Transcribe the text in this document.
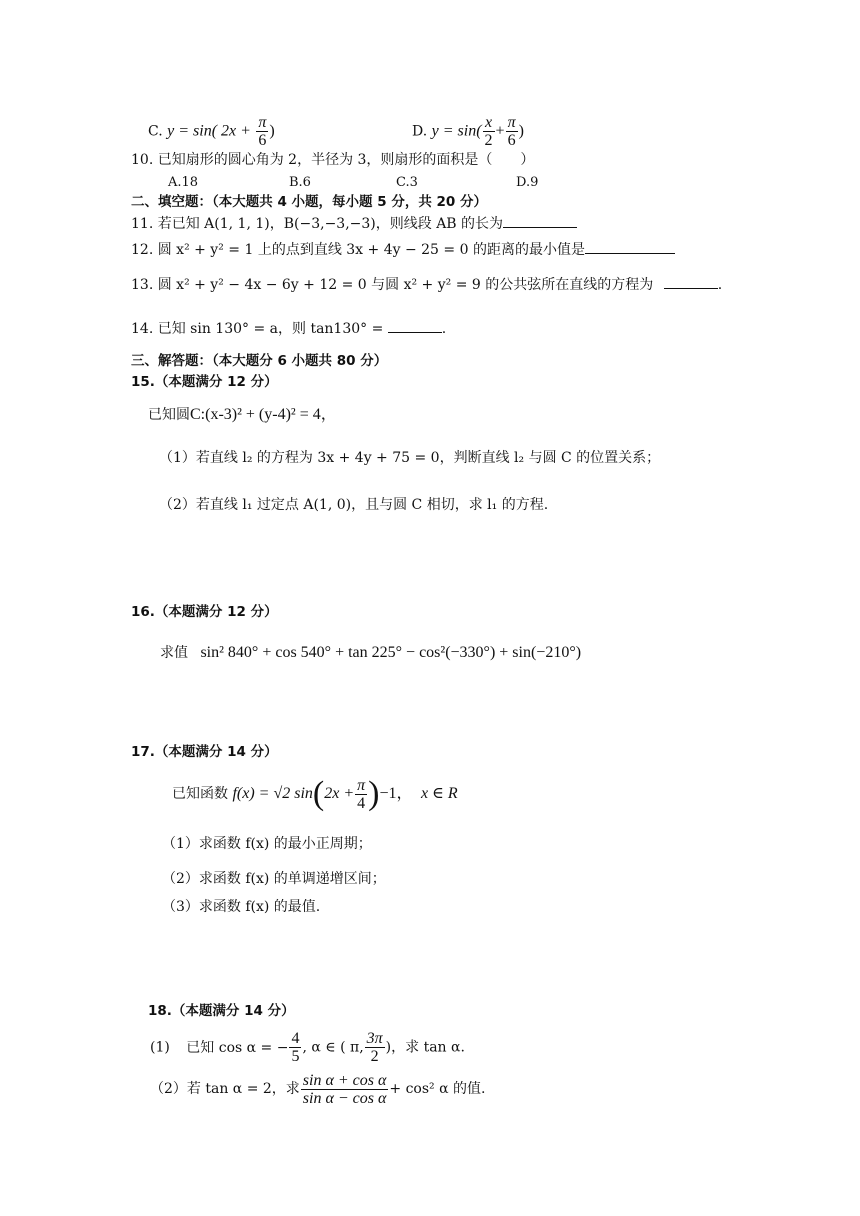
C. y = sin( $2x + \frac{\pi}{6}$ )	D. $y = \sin( \frac{x}{2} + \frac{\pi}{6}$ )
10. 已知扇形的圆心角为 2，半径为 3，则扇形的面积是（　　）
A.18	B.6	C.3	D.9
二、填空题：（本大题共 4 小题，每小题 5 分，共 20 分）
11. 若已知 A(1, 1, 1)，B(−3,−3,−3)，则线段 AB 的长为
12. 圆 x² + y² = 1 上的点到直线 3x + 4y − 25 = 0 的距离的最小值是
13. 圆 x² + y² − 4x − 6y + 12 = 0 与圆 x² + y² = 9 的公共弦所在直线的方程为	.
14. 已知 sin 130° = a，则 tan130° =	.
三、解答题：（本大题分 6 小题共 80 分）
15.（本题满分 12 分）
已知圆C:(x-3)² + (y-4)² = 4，
（1）若直线 l₂ 的方程为 3x + 4y + 75 = 0，判断直线 l₂ 与圆 C 的位置关系；
（2）若直线 l₁ 过定点 A(1, 0)，且与圆 C 相切，求 l₁ 的方程.
16.（本题满分 12 分）
求值 sin² 840° + cos 540° + tan 225° − cos²(−330°) + sin(−210°)
17.（本题满分 14 分）
已知函数 f(x) = √2 $\sin(2x + \frac{\pi}{4} )-1$， x ∈ R
（1）求函数 f(x) 的最小正周期；
（2）求函数 f(x) 的单调递增区间；
（3）求函数 f(x) 的最值.
18.（本题满分 14 分）
(1) 已知 cos α = − $\frac{4}{5}$ , α ∈ ( π, $\frac{3\pi}{2}$ )，求 tan α.
（2）若 tan α = 2，求 $\frac{\text{sin α + cos α}}{\text{sin α − cos α}} + \cos^2$ α 的值.
